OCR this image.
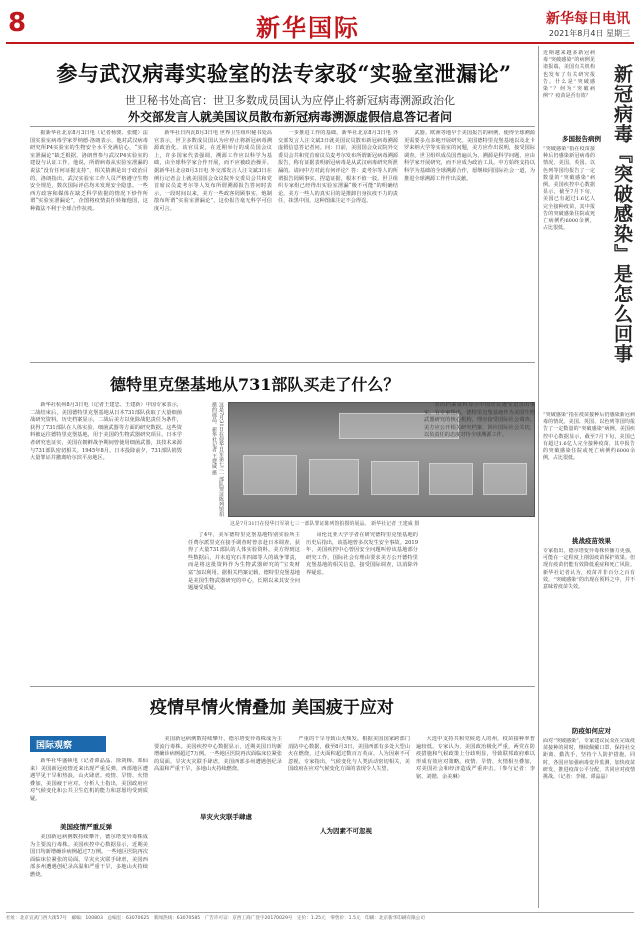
8	新华国际	新华每日电讯
2021年8月4日 星期三
参与武汉病毒实验室的法专家驳“实验室泄漏论”
世卫秘书处高官：世卫多数成员国认为应停止将新冠病毒溯源政治化
外交部发言人就美国议员散布新冠病毒溯源虚假信息答记者问

据新华社北京8月3日电（记者杨骏、张健）法国实验室病毒学家罗纳德·洛朗表示，他对武汉病毒研究所P4实验室的生物安全水平充满信心，“实验室泄漏论”缺乏根据。洛朗曾参与武汉P4实验室的建设与认证工作。他说，所谓病毒从实验室泄漏的说法“没有任何证据支持”，相关猜测是出于政治目的。洛朗指出，武汉实验室工作人员严格遵守生物安全规范，数次国际评估均未发现安全隐患。一些西方政客和媒体在缺乏科学依据的情况下炒作所谓“实验室泄漏论”，企图将疫情责任转嫁他国，这种做法不利于全球合作抗疫。

新华社日内瓦8月3日电 世界卫生组织秘书处高官表示，世卫多数成员国认为应停止将新冠病毒溯源政治化。该官员说，在近期举行的成员国会议上，许多国家代表强调，溯源工作应以科学为基础，由全球科学家合作开展，而不应被政治操弄。据新华社北京8月3日电 外交部发言人汪文斌3日在例行记者会上就美国国会众议院外交委员会共和党首席议员麦考尔等人发布所谓溯源报告答问时表示，一段时间以来，美方一些政客罔顾事实，炮制散布所谓“实验室泄漏论”，这份报告毫无科学可信度可言。

一步推进工作的基础。新华社北京8月3日电 外交部发言人汪文斌3日就美国议员散布新冠病毒溯源虚假信息答记者问。问：日前，美国国会众议院外交委员会共和党首席议员麦考尔发布所谓新冠病毒溯源报告，称有证据表明新冠病毒是从武汉病毒研究所泄漏的。请问中方对此有何评论？答：麦考尔等人的所谓报告罔顾事实、捏造证据，根本不值一驳。世卫组织专家组已经得出实验室泄漏“极不可能”的明确结论。美方一些人的真实目的是推卸自身抗疫不力的责任，抹黑中国，这种图谋注定不会得逞。

武器。欧洲等地早于美国报告的病例，使得全球溯源更需要多点多地开展研究。美国德特里克堡基地以及北卡罗来纳大学等实验室的问题，美方应作出说明，接受国际调查。世卫组织成员国普遍认为，溯源是科学问题，应由科学家开展研究，而不应成为政治工具。中方始终支持以科学为基础的全球溯源合作，愿继续同国际社会一道，为推进全球溯源工作作出贡献。

德特里克堡基地从731部队买走了什么？

新华社杭州8月3日电（记者王建忠、王建新）中国专家表示，二战结束后，美国德特里克堡基地从日本731部队获取了大量细菌战研究资料。历史档案显示，二战后美方以免除战犯责任为条件，获得了731部队在人体实验、细菌武器等方面的研究数据。这些资料被运往德特里克堡基地，用于美国的生物武器研究项目。日本学者研究也证实，美国在朝鲜战争期间曾使用细菌武器，其技术来源与731部队密切相关。1945年8月，日本投降前夕，731部队销毁大量罪证并撤离哈尔滨平房地区。	这是7月31日在侵华日军第七三一部队罪证陈列馆拍摄的展品。新华社记者 王建威 摄
这是7月31日在侵华日军第七三一部队罪证陈列馆拍摄的展品。 新华社记者 王建威 摄

了4年，美军德特里克堡基地特别实验所主任费尔派里克在接手调查时曾亲赴日本调查，获得了大量731部队的人体实验资料。美方得到这些数据后，并未追究石井四郎等人的战争罪责，而是将这批资料作为生物武器研究的“宝贵财富”加以利用。据相关档案记载，德特里克堡基地是美国生物武器研究的中心，长期以来其安全问题屡受质疑。

哥伦比亚大学学者在研究德特里克堡基地的历史后指出，该基地曾多次发生安全事故。2019年，美国疾控中心曾因安全问题叫停该基地部分研究工作。国际社会有理由要求美方公开德特里克堡基地的相关信息，接受国际调查，以消除外界疑虑。

者的档案资料显示中国居民遭受迫害的事实。有专家指出，德特里克堡基地作为美国生物武器研究的核心机构，理应接受国际社会调查。美方应公开相关研究档案，回应国际社会关切，以负责任的态度对待全球溯源工作。

疫情早情火情叠加 美国疲于应对
国际观察

新华社华盛顿电（记者谭晶晶、徐剑梅、邓仙来）美国新冠疫情近来出现严重反弹，西部地区遭遇罕见干旱和热浪，山火肆虐。疫情、旱情、火情叠加，美国疲于应对。分析人士指出，美国政府应对气候变化和公共卫生危机的能力和意愿均受到质疑。

美国疫情严重反弹

美国新冠病例数持续攀升，德尔塔变异毒株成为主要流行毒株。美国疾控中心数据显示，近期美国日均新增确诊病例超过7万例。一些地区医院再次面临床位紧张的局面。旱灾火灾联手肆虐，美国西部多州遭遇创纪录高温和严重干旱，多地山火持续燃烧。

旱灾火灾联手肆虐

美国新冠病例数持续攀升，德尔塔变异毒株成为主要流行毒株。美国疾控中心数据显示，近期美国日均新增确诊病例超过7万例。一些地区医院再次面临床位紧张的局面。旱灾火灾联手肆虐，美国西部多州遭遇创纪录高温和严重干旱，多地山火持续燃烧。

人为因素不可忽视

严重的干旱导致山火频发。根据美国国家跨部门消防中心数据，截至8月3日，美国西部有多处大型山火在燃烧，过火面积超过数百万英亩。人为因素不可忽视，专家指出，气候变化与人类活动密切相关，美国政府在应对气候变化方面的表现令人失望。

大选中支持共和党候选人的州，疫苗接种率普遍较低。专家认为，美国政治极化严重，两党在防疫措施和气候政策上分歧明显，导致联邦政府难以形成有效应对策略。疫情、旱情、火情相互叠加，对美国社会和经济造成严重冲击。（参与记者：李铭、刘锴、余美琳）

近期越来越多新冠病毒“突破感染”的病例见诸报端，美国有关机构也发布了有关研究报告。什么是“突破感染”？何为“突破病例”？疫苗是否有效？	新冠病毒『突破感染』是怎么回事
多国报告病例

“突破感染”指在疫苗接种后仍感染新冠病毒的情况。美国、英国、以色列等国均报告了一定数量的“突破感染”病例。美国疾控中心数据显示，截至7月下旬，美国已有超过1.6亿人完全接种疫苗，其中报告的突破感染住院或死亡病例约6000余例，占比很低。

“突破感染”指在疫苗接种后仍感染新冠病毒的情况。美国、英国、以色列等国均报告了一定数量的“突破感染”病例。美国疾控中心数据显示，截至7月下旬，美国已有超过1.6亿人完全接种疫苗，其中报告的突破感染住院或死亡病例约6000余例，占比很低。

挑战疫苗效果

专家指出，德尔塔变异毒株传播力更强，可能在一定程度上削弱疫苗保护效果。但现有疫苗仍能有效降低重症和死亡风险。新华社记者认为，疫苗并非百分之百有效，“突破感染”的出现在预料之中，并不意味着疫苗失效。

防疫如何应对

面对“突破感染”，专家建议民众在完成疫苗接种的同时，继续佩戴口罩、保持社交距离、勤洗手，坚持个人防护措施。同时，各国应加强病毒变异监测，加快疫苗研发，推进疫苗公平分配，共同应对疫情挑战。（记者：李铭、谭晶晶）

社址：北京宣武门西大街57号　邮编：100803　总编室：63070625　新闻热线：63070585　广告许可证：京西工商广登字20170029号　定价：1.25元　零售价：1.5元　印刷：北京新华印刷有限公司
